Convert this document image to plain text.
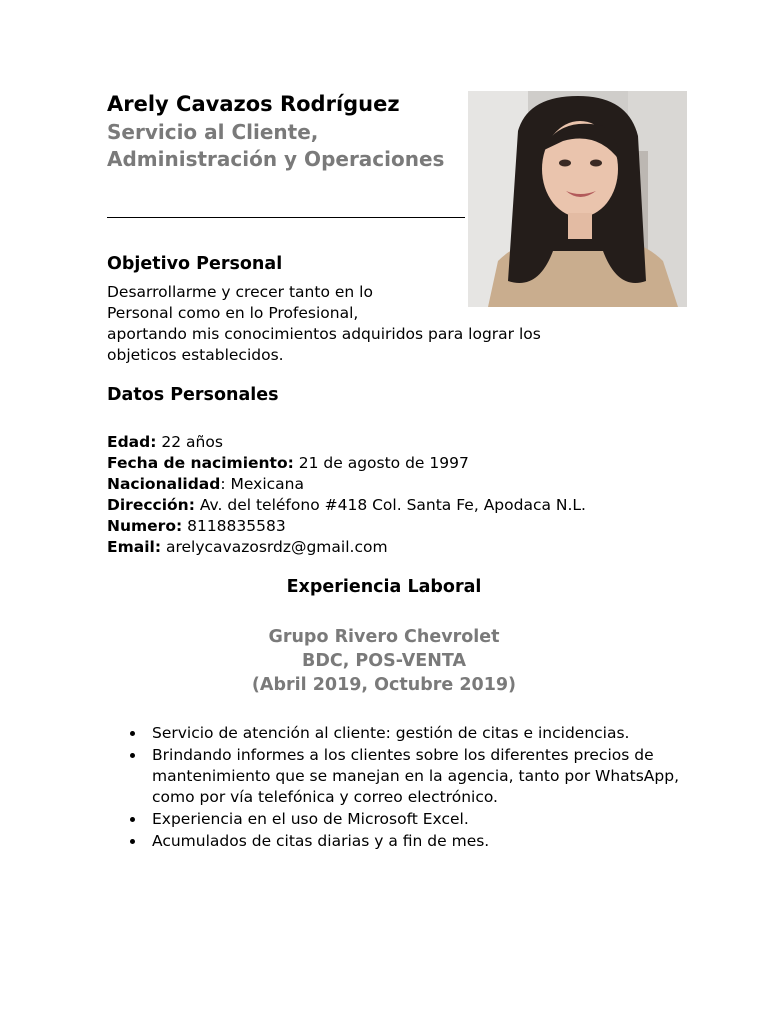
Arely Cavazos Rodríguez

Servicio al Cliente, Administración y Operaciones

Objetivo Personal

Desarrollarme y crecer tanto en lo
Personal como en lo Profesional,
aportando mis conocimientos adquiridos para lograr los
objeticos establecidos.

Datos Personales
Edad: 22 años
Fecha de nacimiento: 21 de agosto de 1997
Nacionalidad: Mexicana
Dirección: Av. del teléfono #418 Col. Santa Fe, Apodaca N.L.
Numero: 8118835583
Email: arelycavazosrdz@gmail.com
Experiencia Laboral
Grupo Rivero Chevrolet
BDC, POS-VENTA
(Abril 2019, Octubre 2019)
Servicio de atención al cliente: gestión de citas e incidencias.
Brindando informes a los clientes sobre los diferentes precios de mantenimiento que se manejan en la agencia, tanto por WhatsApp, como por vía telefónica y correo electrónico.
Experiencia en el uso de Microsoft Excel.
Acumulados de citas diarias y a fin de mes.
